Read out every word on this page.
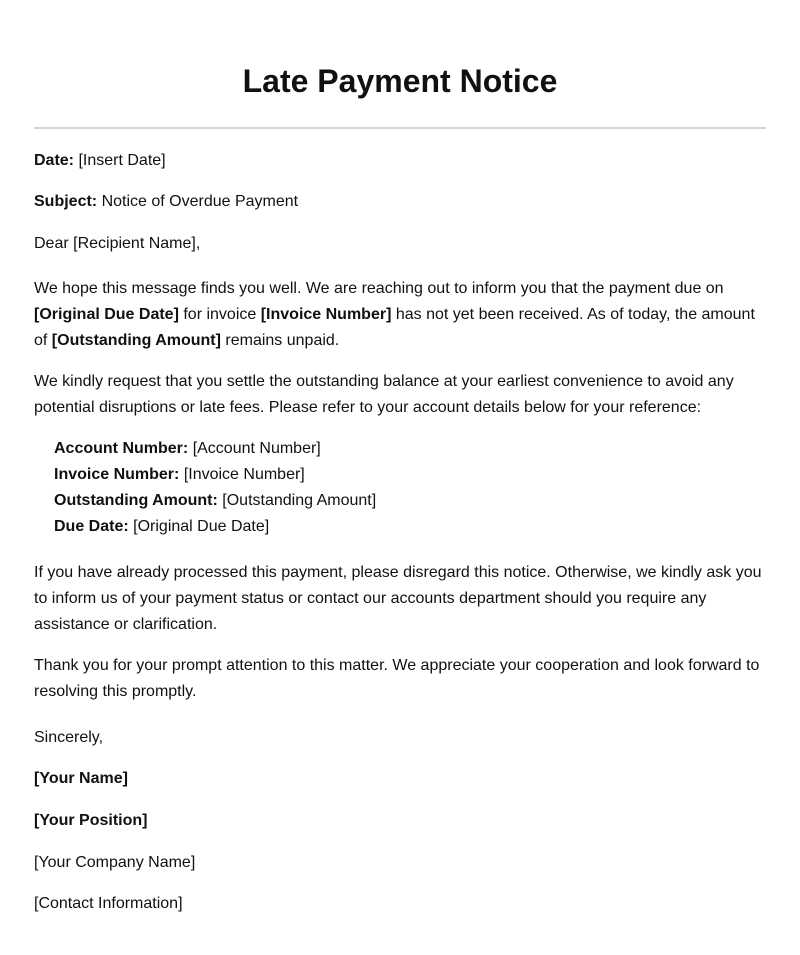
Late Payment Notice
Date: [Insert Date]
Subject: Notice of Overdue Payment
Dear [Recipient Name],
We hope this message finds you well. We are reaching out to inform you that the payment due on
[Original Due Date] for invoice [Invoice Number] has not yet been received. As of today, the amount
of [Outstanding Amount] remains unpaid.
We kindly request that you settle the outstanding balance at your earliest convenience to avoid any
potential disruptions or late fees. Please refer to your account details below for your reference:
Account Number: [Account Number]
Invoice Number: [Invoice Number]
Outstanding Amount: [Outstanding Amount]
Due Date: [Original Due Date]
If you have already processed this payment, please disregard this notice. Otherwise, we kindly ask you
to inform us of your payment status or contact our accounts department should you require any
assistance or clarification.
Thank you for your prompt attention to this matter. We appreciate your cooperation and look forward to
resolving this promptly.
Sincerely,
[Your Name]
[Your Position]
[Your Company Name]
[Contact Information]
